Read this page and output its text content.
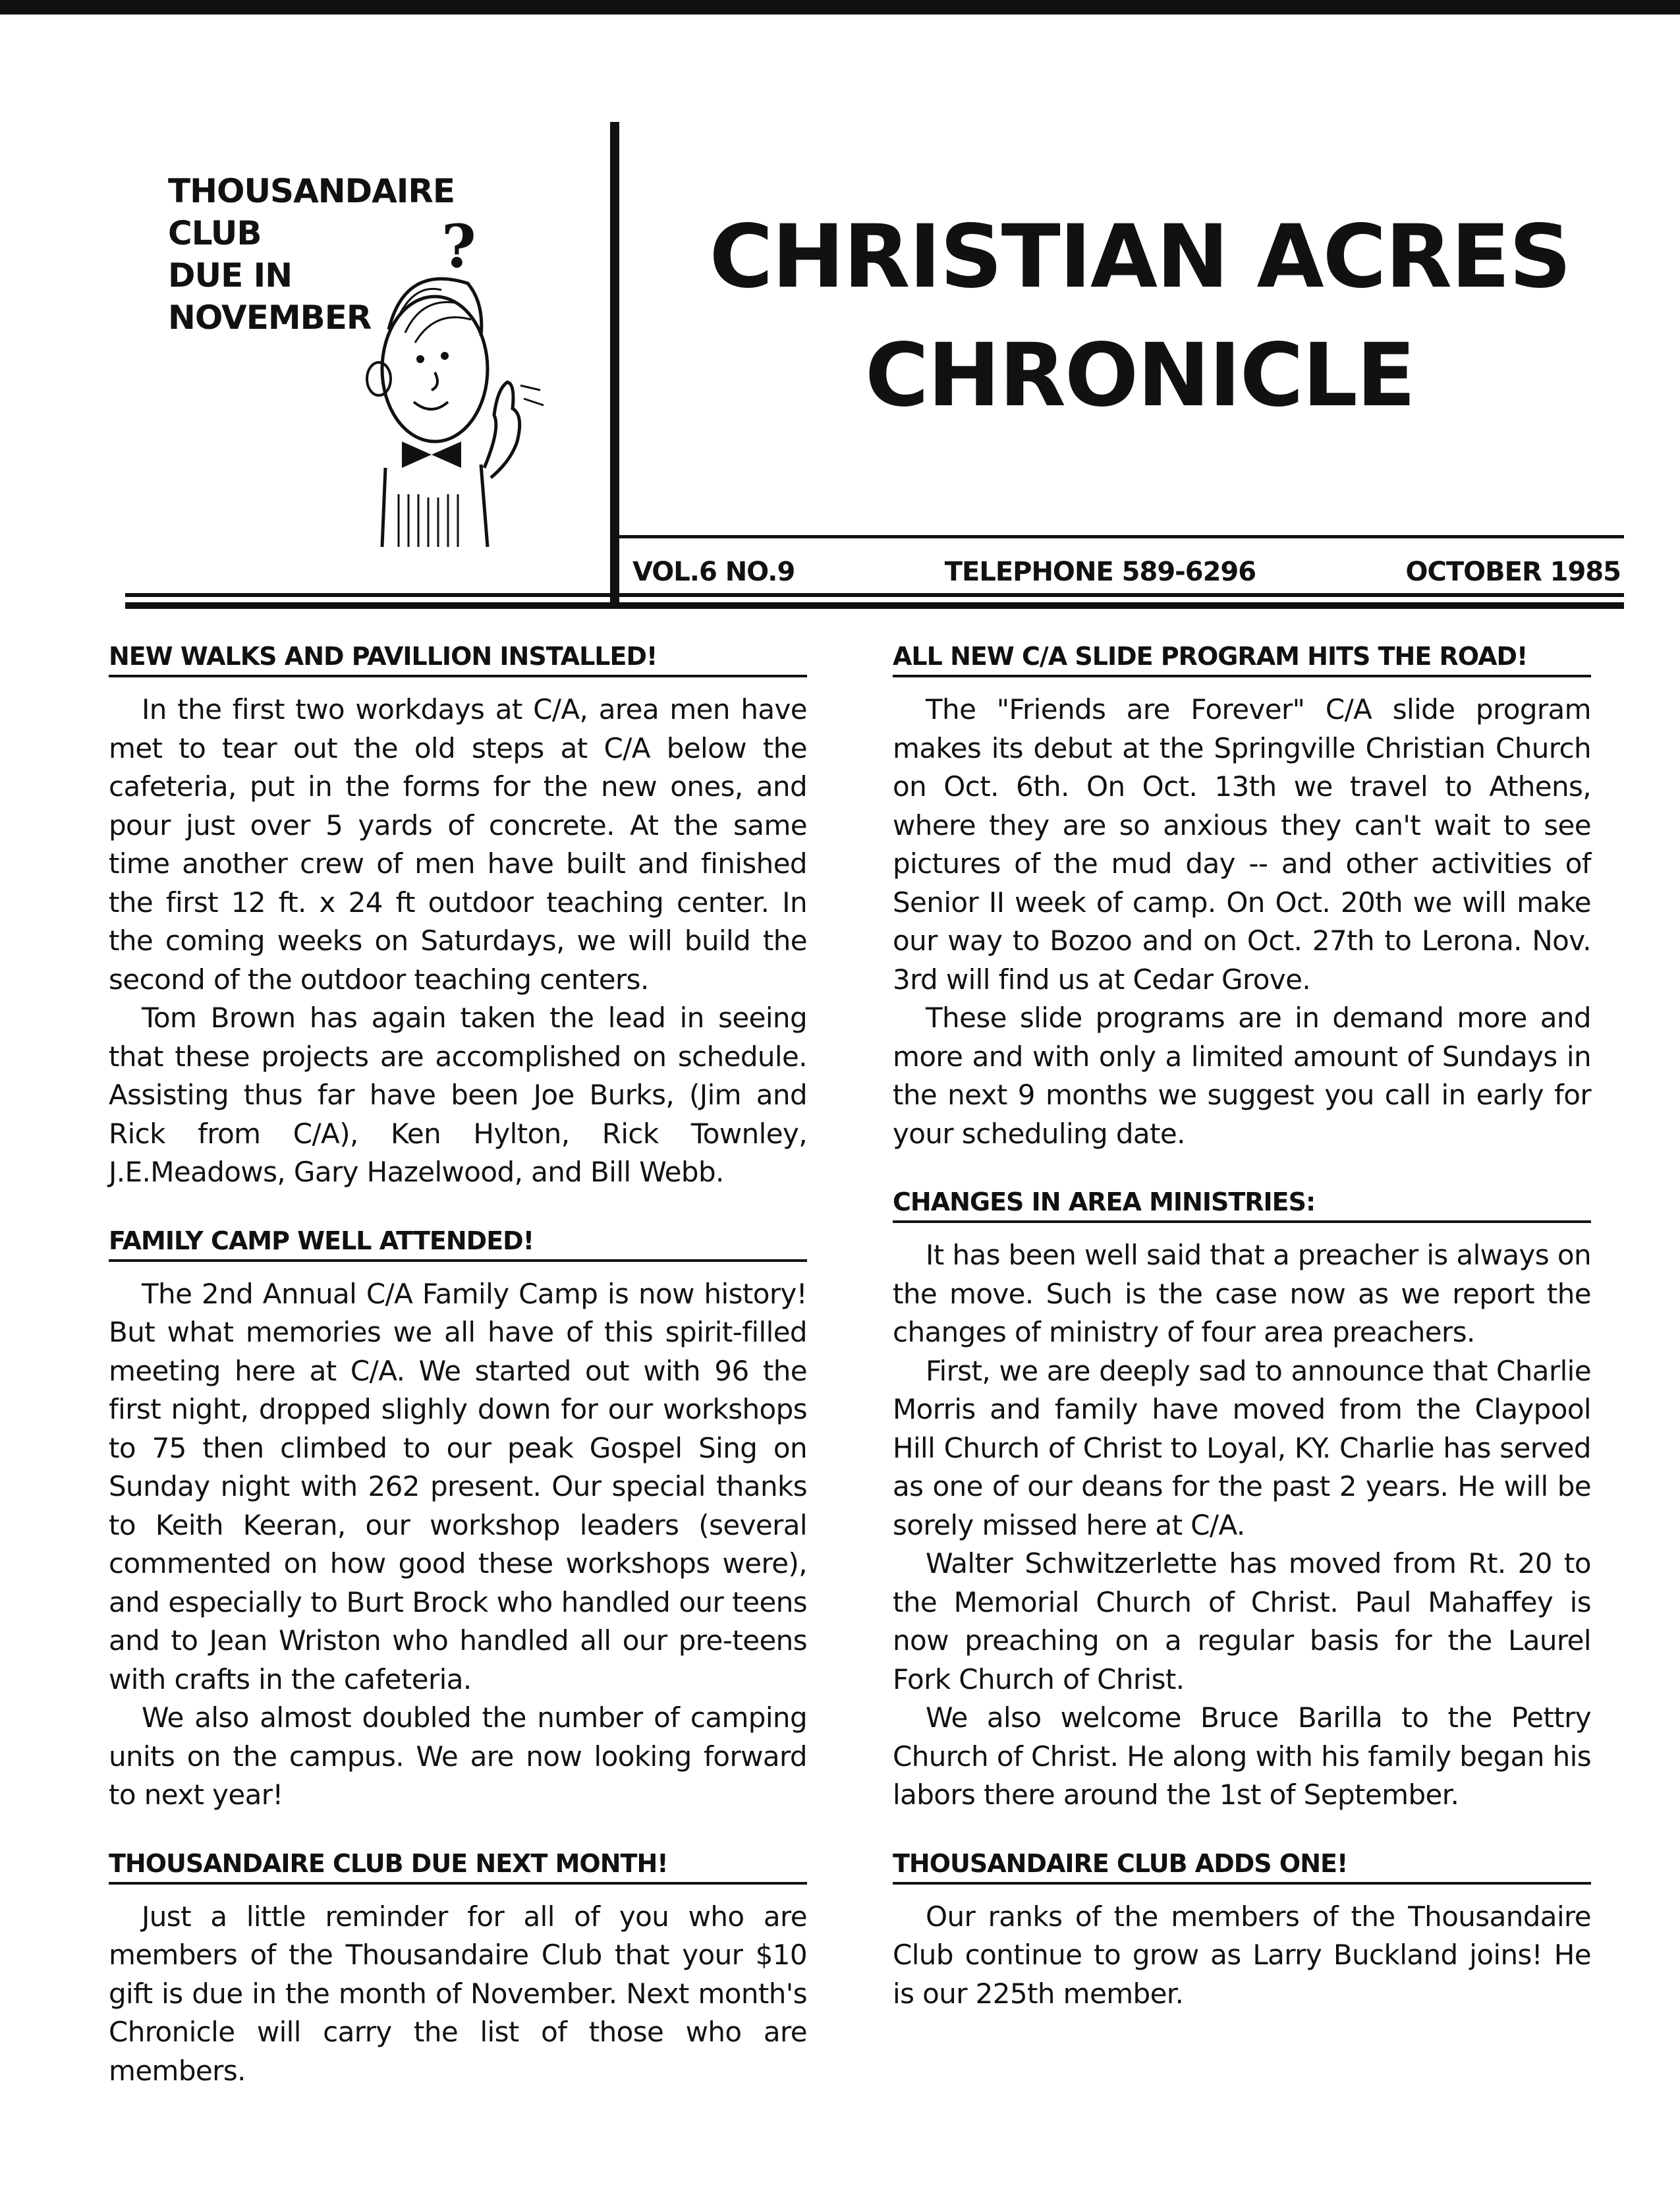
THOUSANDAIRE
CLUB
DUE IN
NOVEMBER
?	CHRISTIAN ACRES
CHRONICLE
VOL.6 NO.9	TELEPHONE 589-6296	OCTOBER 1985
NEW WALKS AND PAVILLION INSTALLED!
In the first two workdays at C/A, area men have met to tear out the old steps at C/A below the cafeteria, put in the forms for the new ones, and pour just over 5 yards of concrete. At the same time another crew of men have built and finished the first 12 ft. x 24 ft outdoor teaching center. In the coming weeks on Saturdays, we will build the second of the outdoor teaching centers.
Tom Brown has again taken the lead in seeing that these projects are accomplished on schedule. Assisting thus far have been Joe Burks, (Jim and Rick from C/A), Ken Hylton, Rick Townley, J.E.Meadows, Gary Hazelwood, and Bill Webb.
FAMILY CAMP WELL ATTENDED!
The 2nd Annual C/A Family Camp is now history! But what memories we all have of this spirit-filled meeting here at C/A. We started out with 96 the first night, dropped slighly down for our workshops to 75 then climbed to our peak Gospel Sing on Sunday night with 262 present. Our special thanks to Keith Keeran, our workshop leaders (several commented on how good these workshops were), and especially to Burt Brock who handled our teens and to Jean Wriston who handled all our pre-teens with crafts in the cafeteria.
We also almost doubled the number of camping units on the campus. We are now looking forward to next year!
THOUSANDAIRE CLUB DUE NEXT MONTH!
Just a little reminder for all of you who are members of the Thousandaire Club that your $10 gift is due in the month of November. Next month's Chronicle will carry the list of those who are members.
ALL NEW C/A SLIDE PROGRAM HITS THE ROAD!
The "Friends are Forever" C/A slide program makes its debut at the Springville Christian Church on Oct. 6th. On Oct. 13th we travel to Athens, where they are so anxious they can't wait to see pictures of the mud day -- and other activities of Senior II week of camp. On Oct. 20th we will make our way to Bozoo and on Oct. 27th to Lerona. Nov. 3rd will find us at Cedar Grove.
These slide programs are in demand more and more and with only a limited amount of Sundays in the next 9 months we suggest you call in early for your scheduling date.
CHANGES IN AREA MINISTRIES:
It has been well said that a preacher is always on the move. Such is the case now as we report the changes of ministry of four area preachers.
First, we are deeply sad to announce that Charlie Morris and family have moved from the Claypool Hill Church of Christ to Loyal, KY. Charlie has served as one of our deans for the past 2 years. He will be sorely missed here at C/A.
Walter Schwitzerlette has moved from Rt. 20 to the Memorial Church of Christ. Paul Mahaffey is now preaching on a regular basis for the Laurel Fork Church of Christ.
We also welcome Bruce Barilla to the Pettry Church of Christ. He along with his family began his labors there around the 1st of September.
THOUSANDAIRE CLUB ADDS ONE!
Our ranks of the members of the Thousandaire Club continue to grow as Larry Buckland joins! He is our 225th member.
